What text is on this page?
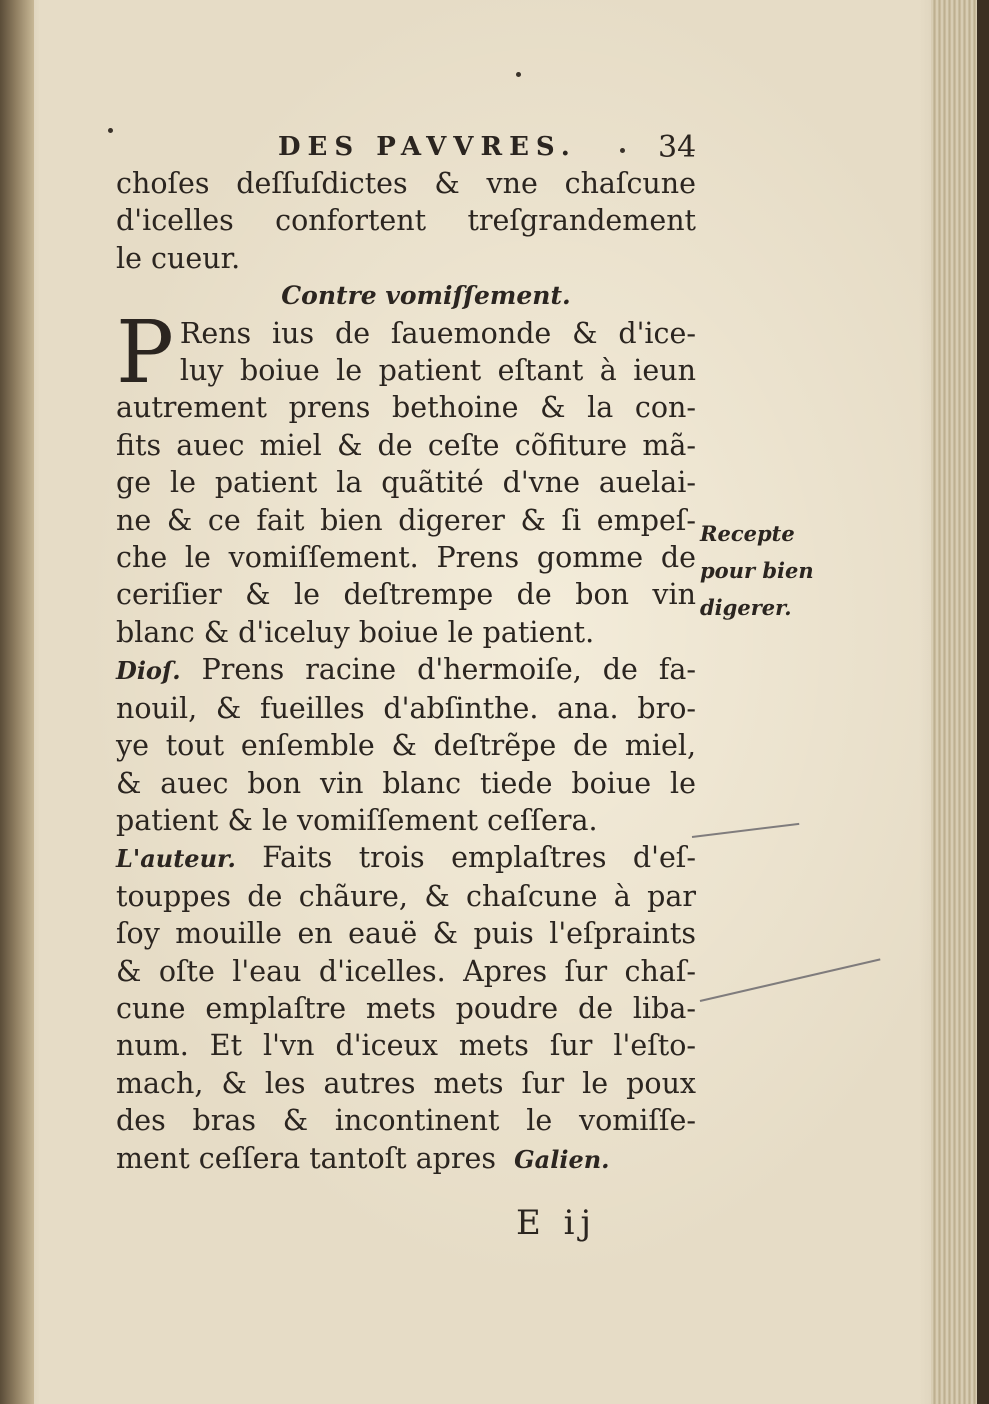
DES PAVVRES.	34
choſes deſſuſdictes & vne chaſcune
d'icelles confortent treſgrandement
le cueur.
Contre vomiſſement.
P Rens ius de ſauemonde & d'ice-
luy boiue le patient eſtant à ieun
autrement prens bethoine & la con-
fits auec miel & de ceſte cõfiture mã-
ge le patient la quãtité d'vne auelai-
ne & ce fait bien digerer & ſi empeſ-
che le vomiſſement. Prens gomme de
ceriſier & le deſtrempe de bon vin
blanc & d'iceluy boiue le patient.
Dioſ. Prens racine d'hermoiſe, de fa-
nouil, & fueilles d'abſinthe. ana. bro-
ye tout enſemble & deſtrẽpe de miel,
& auec bon vin blanc tiede boiue le
patient & le vomiſſement ceſſera.
L'auteur. Faits trois emplaſtres d'eſ-
touppes de chãure, & chaſcune à par
ſoy mouille en eauë & puis l'eſpraints
& oſte l'eau d'icelles. Apres ſur chaſ-
cune emplaſtre mets poudre de liba-
num. Et l'vn d'iceux mets ſur l'eſto-
mach, & les autres mets ſur le poux
des bras & incontinent le vomiſſe-
ment ceſſera tantoſt apres Galien.
Recepte
pour bien
digerer.
E ij
